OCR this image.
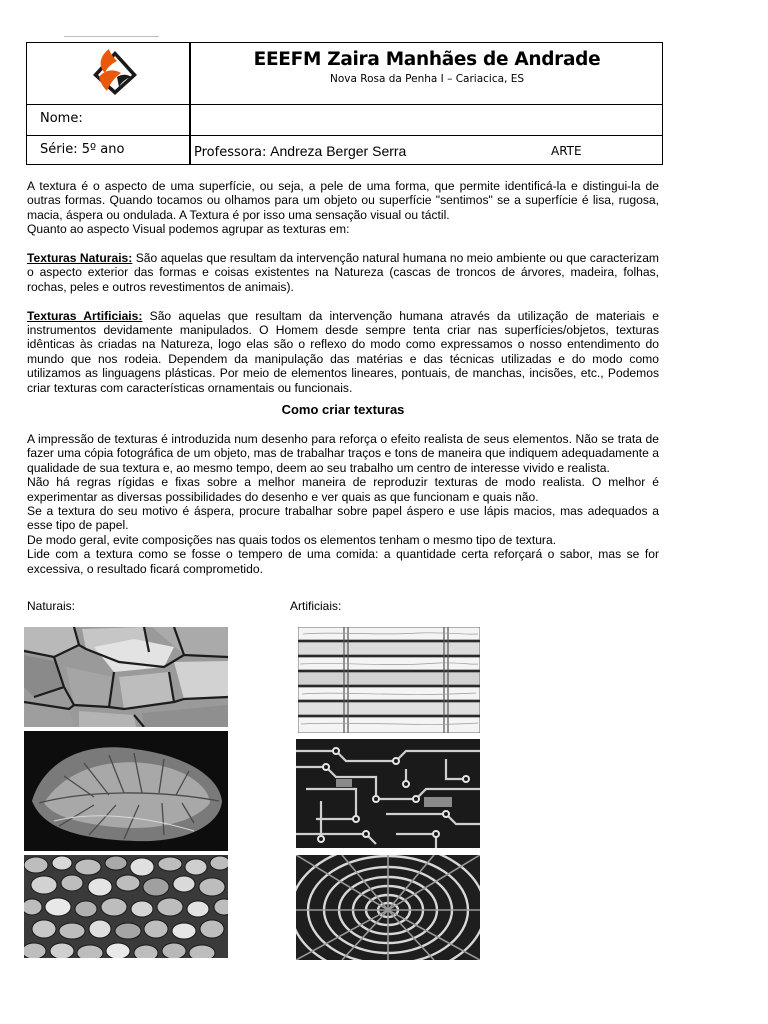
EEEFM Zaira Manhães de Andrade
Nova Rosa da Penha I – Cariacica, ES
Nome:
Série: 5º ano	Professora: Andreza Berger Serra	ARTE

A textura é o aspecto de uma superfície, ou seja, a pele de uma forma, que permite identificá-la e distingui-la de outras formas. Quando tocamos ou olhamos para um objeto ou superfície "sentimos" se a superfície é lisa, rugosa, macia, áspera ou ondulada. A Textura é por isso uma sensação visual ou táctil.

Quanto ao aspecto Visual podemos agrupar as texturas em:

Texturas Naturais: São aquelas que resultam da intervenção natural humana no meio ambiente ou que caracterizam o aspecto exterior das formas e coisas existentes na Natureza (cascas de troncos de árvores, madeira, folhas, rochas, peles e outros revestimentos de animais).

Texturas Artificiais: São aquelas que resultam da intervenção humana através da utilização de materiais e instrumentos devidamente manipulados. O Homem desde sempre tenta criar nas superfícies/objetos, texturas idênticas às criadas na Natureza, logo elas são o reflexo do modo como expressamos o nosso entendimento do mundo que nos rodeia. Dependem da manipulação das matérias e das técnicas utilizadas e do modo como utilizamos as linguagens plásticas. Por meio de elementos lineares, pontuais, de manchas, incisões, etc., Podemos criar texturas com características ornamentais ou funcionais.

Como criar texturas

A impressão de texturas é introduzida num desenho para reforça o efeito realista de seus elementos. Não se trata de fazer uma cópia fotográfica de um objeto, mas de trabalhar traços e tons de maneira que indiquem adequadamente a qualidade de sua textura e, ao mesmo tempo, deem ao seu trabalho um centro de interesse vivido e realista.

Não há regras rígidas e fixas sobre a melhor maneira de reproduzir texturas de modo realista. O melhor é experimentar as diversas possibilidades do desenho e ver quais as que funcionam e quais não.

Se a textura do seu motivo é áspera, procure trabalhar sobre papel áspero e use lápis macios, mas adequados a esse tipo de papel.

De modo geral, evite composições nas quais todos os elementos tenham o mesmo tipo de textura.

Lide com a textura como se fosse o tempero de uma comida: a quantidade certa reforçará o sabor, mas se for excessiva, o resultado ficará comprometido.

Naturais:	Artificiais:
